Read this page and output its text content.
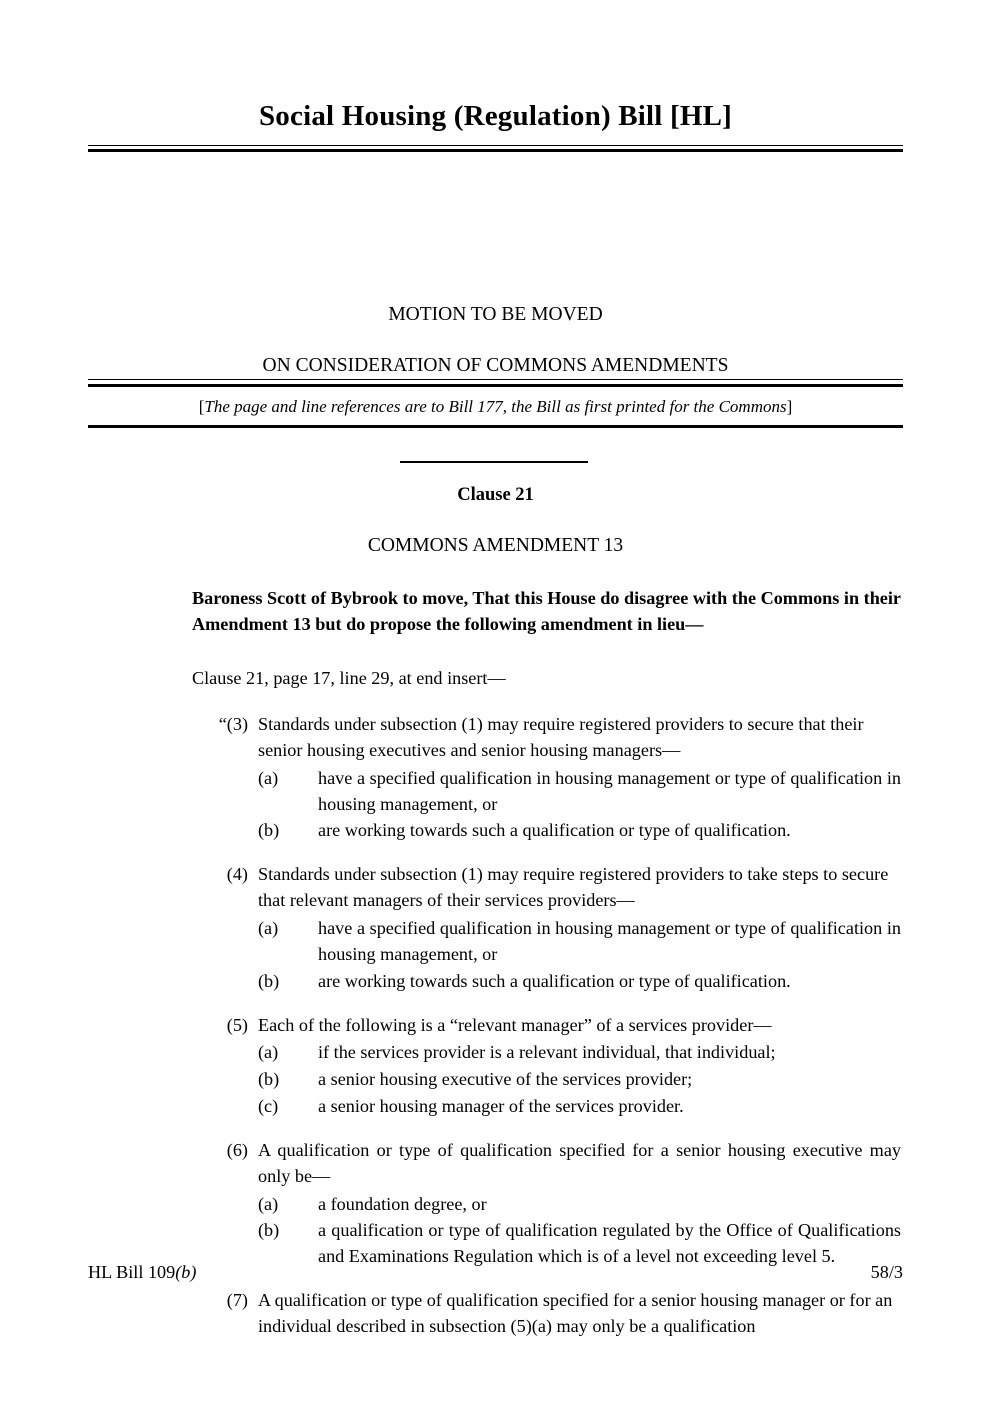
Social Housing (Regulation) Bill [HL]
MOTION TO BE MOVED
ON CONSIDERATION OF COMMONS AMENDMENTS
[The page and line references are to Bill 177, the Bill as first printed for the Commons]
Clause 21
COMMONS AMENDMENT 13
Baroness Scott of Bybrook to move, That this House do disagree with the Commons in their Amendment 13 but do propose the following amendment in lieu—
Clause 21, page 17, line 29, at end insert—
“(3) Standards under subsection (1) may require registered providers to secure that their senior housing executives and senior housing managers—
(a)	have a specified qualification in housing management or type of qualification in housing management, or
(b)	are working towards such a qualification or type of qualification.
(4) Standards under subsection (1) may require registered providers to take steps to secure that relevant managers of their services providers—
(a)	have a specified qualification in housing management or type of qualification in housing management, or
(b)	are working towards such a qualification or type of qualification.
(5) Each of the following is a “relevant manager” of a services provider—
(a)	if the services provider is a relevant individual, that individual;
(b)	a senior housing executive of the services provider;
(c)	a senior housing manager of the services provider.
(6) A qualification or type of qualification specified for a senior housing executive may only be—
(a)	a foundation degree, or
(b)	a qualification or type of qualification regulated by the Office of Qualifications and Examinations Regulation which is of a level not exceeding level 5.
(7) A qualification or type of qualification specified for a senior housing manager or for an individual described in subsection (5)(a) may only be a qualification
HL Bill 109(b)	58/3
